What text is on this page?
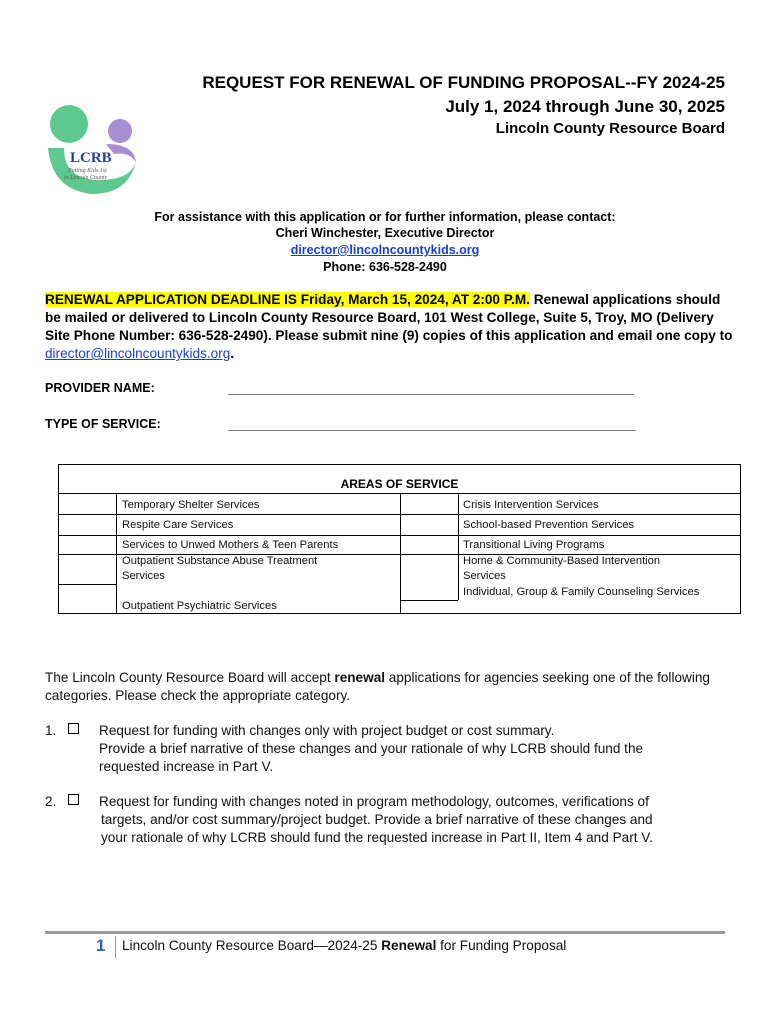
REQUEST FOR RENEWAL OF FUNDING PROPOSAL--FY 2024-25
July 1, 2024 through June 30, 2025
Lincoln County Resource Board
LCRB
Putting Kids 1st
in Lincoln County
For assistance with this application or for further information, please contact:
Cheri Winchester, Executive Director
director@lincolncountykids.org
Phone: 636-528-2490
RENEWAL APPLICATION DEADLINE IS Friday, March 15, 2024, AT 2:00 P.M. Renewal applications should be mailed or delivered to Lincoln County Resource Board, 101 West College, Suite 5, Troy, MO (Delivery Site Phone Number: 636-528-2490). Please submit nine (9) copies of this application and email one copy to director@lincolncountykids.org.
PROVIDER NAME:
TYPE OF SERVICE:
AREAS OF SERVICE
Temporary Shelter Services
Respite Care Services
Services to Unwed Mothers & Teen Parents
Outpatient Substance Abuse Treatment
Services
Outpatient Psychiatric Services
Crisis Intervention Services
School-based Prevention Services
Transitional Living Programs
Home & Community-Based Intervention
Services
Individual, Group & Family Counseling Services
The Lincoln County Resource Board will accept renewal applications for agencies seeking one of the following categories. Please check the appropriate category.
1.	Request for funding with changes only with project budget or cost summary.
Provide a brief narrative of these changes and your rationale of why LCRB should fund the
requested increase in Part V.
2.	Request for funding with changes noted in program methodology, outcomes, verifications of
targets, and/or cost summary/project budget. Provide a brief narrative of these changes and
your rationale of why LCRB should fund the requested increase in Part II, Item 4 and Part V.
1 Lincoln County Resource Board—2024-25 Renewal for Funding Proposal
